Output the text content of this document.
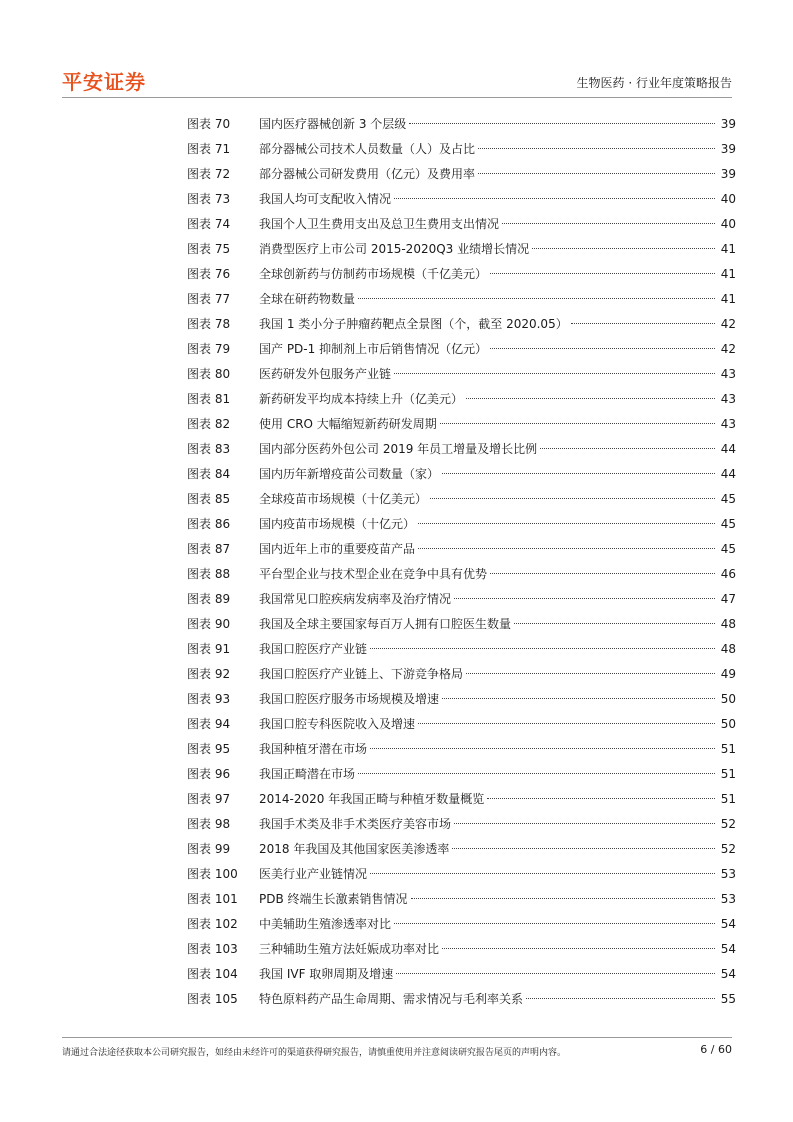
平安证券	生物医药 · 行业年度策略报告
图表 70	国内医疗器械创新 3 个层级	39
图表 71	部分器械公司技术人员数量（人）及占比	39
图表 72	部分器械公司研发费用（亿元）及费用率	39
图表 73	我国人均可支配收入情况	40
图表 74	我国个人卫生费用支出及总卫生费用支出情况	40
图表 75	消费型医疗上市公司 2015-2020Q3 业绩增长情况	41
图表 76	全球创新药与仿制药市场规模（千亿美元）	41
图表 77	全球在研药物数量	41
图表 78	我国 1 类小分子肿瘤药靶点全景图（个，截至 2020.05）	42
图表 79	国产 PD-1 抑制剂上市后销售情况（亿元）	42
图表 80	医药研发外包服务产业链	43
图表 81	新药研发平均成本持续上升（亿美元）	43
图表 82	使用 CRO 大幅缩短新药研发周期	43
图表 83	国内部分医药外包公司 2019 年员工增量及增长比例	44
图表 84	国内历年新增疫苗公司数量（家）	44
图表 85	全球疫苗市场规模（十亿美元）	45
图表 86	国内疫苗市场规模（十亿元）	45
图表 87	国内近年上市的重要疫苗产品	45
图表 88	平台型企业与技术型企业在竞争中具有优势	46
图表 89	我国常见口腔疾病发病率及治疗情况	47
图表 90	我国及全球主要国家每百万人拥有口腔医生数量	48
图表 91	我国口腔医疗产业链	48
图表 92	我国口腔医疗产业链上、下游竞争格局	49
图表 93	我国口腔医疗服务市场规模及增速	50
图表 94	我国口腔专科医院收入及增速	50
图表 95	我国种植牙潜在市场	51
图表 96	我国正畸潜在市场	51
图表 97	2014-2020 年我国正畸与种植牙数量概览	51
图表 98	我国手术类及非手术类医疗美容市场	52
图表 99	2018 年我国及其他国家医美渗透率	52
图表 100	医美行业产业链情况	53
图表 101	PDB 终端生长激素销售情况	53
图表 102	中美辅助生殖渗透率对比	54
图表 103	三种辅助生殖方法妊娠成功率对比	54
图表 104	我国 IVF 取卵周期及增速	54
图表 105	特色原料药产品生命周期、需求情况与毛利率关系	55
请通过合法途径获取本公司研究报告，如经由未经许可的渠道获得研究报告，请慎重使用并注意阅读研究报告尾页的声明内容。	6 / 60
